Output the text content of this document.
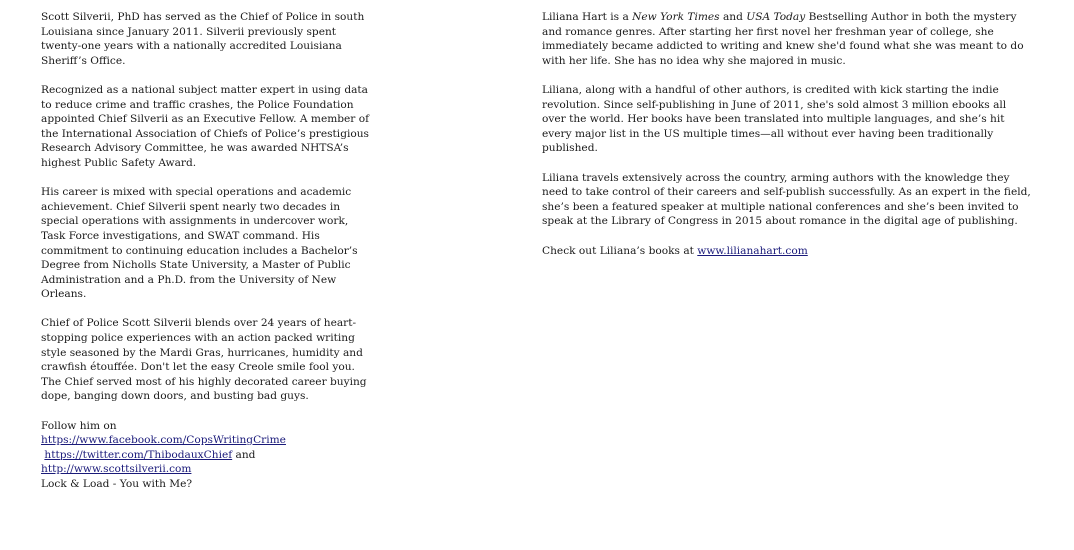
Scott Silverii, PhD has served as the Chief of Police in south Louisiana since January 2011. Silverii previously spent twenty-one years with a nationally accredited Louisiana Sheriff’s Office.

Recognized as a national subject matter expert in using data to reduce crime and traffic crashes, the Police Foundation appointed Chief Silverii as an Executive Fellow. A member of the International Association of Chiefs of Police’s prestigious Research Advisory Committee, he was awarded NHTSA’s highest Public Safety Award.

His career is mixed with special operations and academic achievement. Chief Silverii spent nearly two decades in special operations with assignments in undercover work, Task Force investigations, and SWAT command. His commitment to continuing education includes a Bachelor’s Degree from Nicholls State University, a Master of Public Administration and a Ph.D. from the University of New Orleans.

Chief of Police Scott Silverii blends over 24 years of heart-stopping police experiences with an action packed writing style seasoned by the Mardi Gras, hurricanes, humidity and crawfish étouffée. Don't let the easy Creole smile fool you. The Chief served most of his highly decorated career buying dope, banging down doors, and busting bad guys.

Follow him on
https://www.facebook.com/CopsWritingCrime
https://twitter.com/ThibodauxChief and
http://www.scottsilverii.com
Lock & Load - You with Me?

Liliana Hart is a New York Times and USA Today Bestselling Author in both the mystery and romance genres. After starting her first novel her freshman year of college, she immediately became addicted to writing and knew she'd found what she was meant to do with her life. She has no idea why she majored in music.

Liliana, along with a handful of other authors, is credited with kick starting the indie revolution. Since self-publishing in June of 2011, she's sold almost 3 million ebooks all over the world. Her books have been translated into multiple languages, and she’s hit every major list in the US multiple times—all without ever having been traditionally published.

Liliana travels extensively across the country, arming authors with the knowledge they need to take control of their careers and self-publish successfully. As an expert in the field, she’s been a featured speaker at multiple national conferences and she’s been invited to speak at the Library of Congress in 2015 about romance in the digital age of publishing.

Check out Liliana’s books at www.lilianahart.com
